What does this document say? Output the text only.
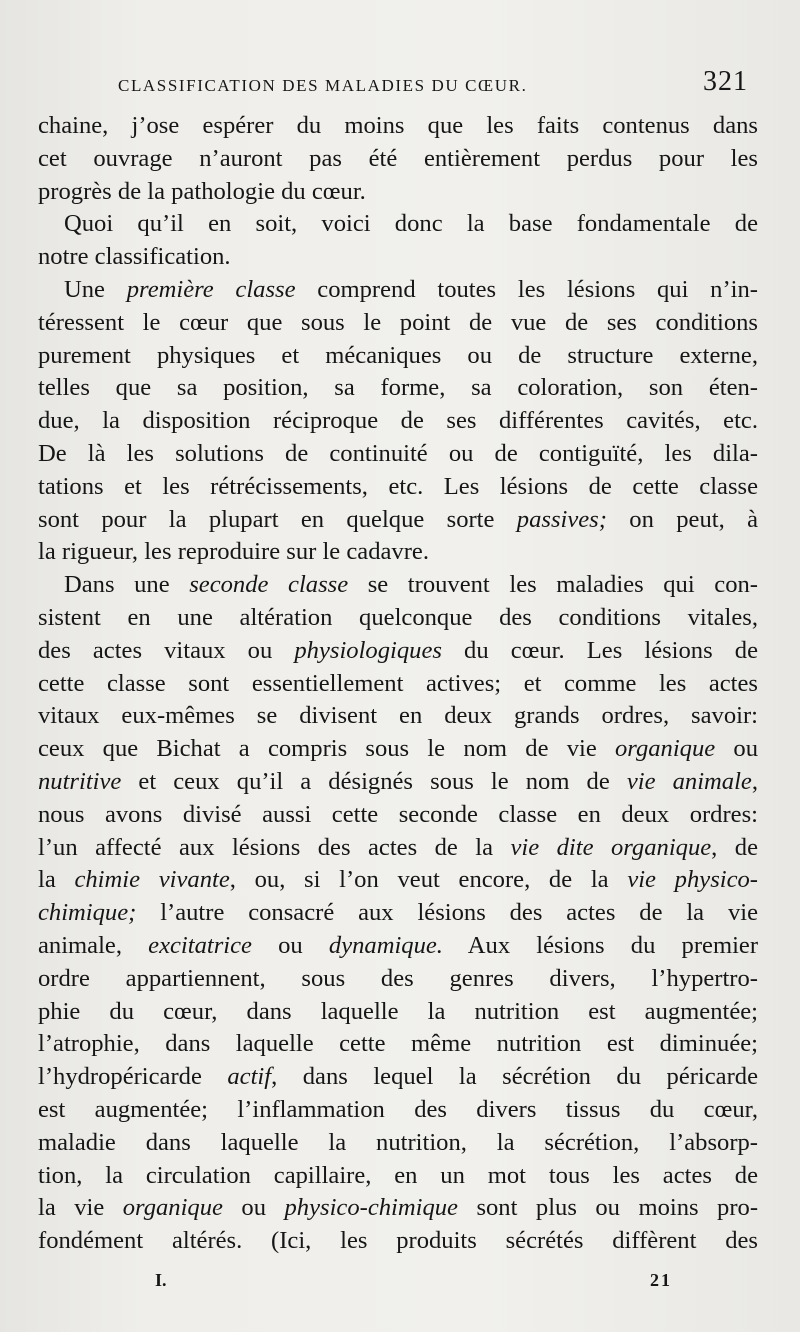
CLASSIFICATION DES MALADIES DU CŒUR.	321
chaine, j’ose espérer du moins que les faits contenus dans
cet ouvrage n’auront pas été entièrement perdus pour les
progrès de la pathologie du cœur.
Quoi qu’il en soit, voici donc la base fondamentale de
notre classification.
Une première classe comprend toutes les lésions qui n’in-
téressent le cœur que sous le point de vue de ses conditions
purement physiques et mécaniques ou de structure externe,
telles que sa position, sa forme, sa coloration, son éten-
due, la disposition réciproque de ses différentes cavités, etc.
De là les solutions de continuité ou de contiguïté, les dila-
tations et les rétrécissements, etc. Les lésions de cette classe
sont pour la plupart en quelque sorte passives; on peut, à
la rigueur, les reproduire sur le cadavre.
Dans une seconde classe se trouvent les maladies qui con-
sistent en une altération quelconque des conditions vitales,
des actes vitaux ou physiologiques du cœur. Les lésions de
cette classe sont essentiellement actives; et comme les actes
vitaux eux-mêmes se divisent en deux grands ordres, savoir:
ceux que Bichat a compris sous le nom de vie organique ou
nutritive et ceux qu’il a désignés sous le nom de vie animale,
nous avons divisé aussi cette seconde classe en deux ordres:
l’un affecté aux lésions des actes de la vie dite organique, de
la chimie vivante, ou, si l’on veut encore, de la vie physico-
chimique; l’autre consacré aux lésions des actes de la vie
animale, excitatrice ou dynamique. Aux lésions du premier
ordre appartiennent, sous des genres divers, l’hypertro-
phie du cœur, dans laquelle la nutrition est augmentée;
l’atrophie, dans laquelle cette même nutrition est diminuée;
l’hydropéricarde actif, dans lequel la sécrétion du péricarde
est augmentée; l’inflammation des divers tissus du cœur,
maladie dans laquelle la nutrition, la sécrétion, l’absorp-
tion, la circulation capillaire, en un mot tous les actes de
la vie organique ou physico-chimique sont plus ou moins pro-
fondément altérés. (Ici, les produits sécrétés diffèrent des
I.	21
